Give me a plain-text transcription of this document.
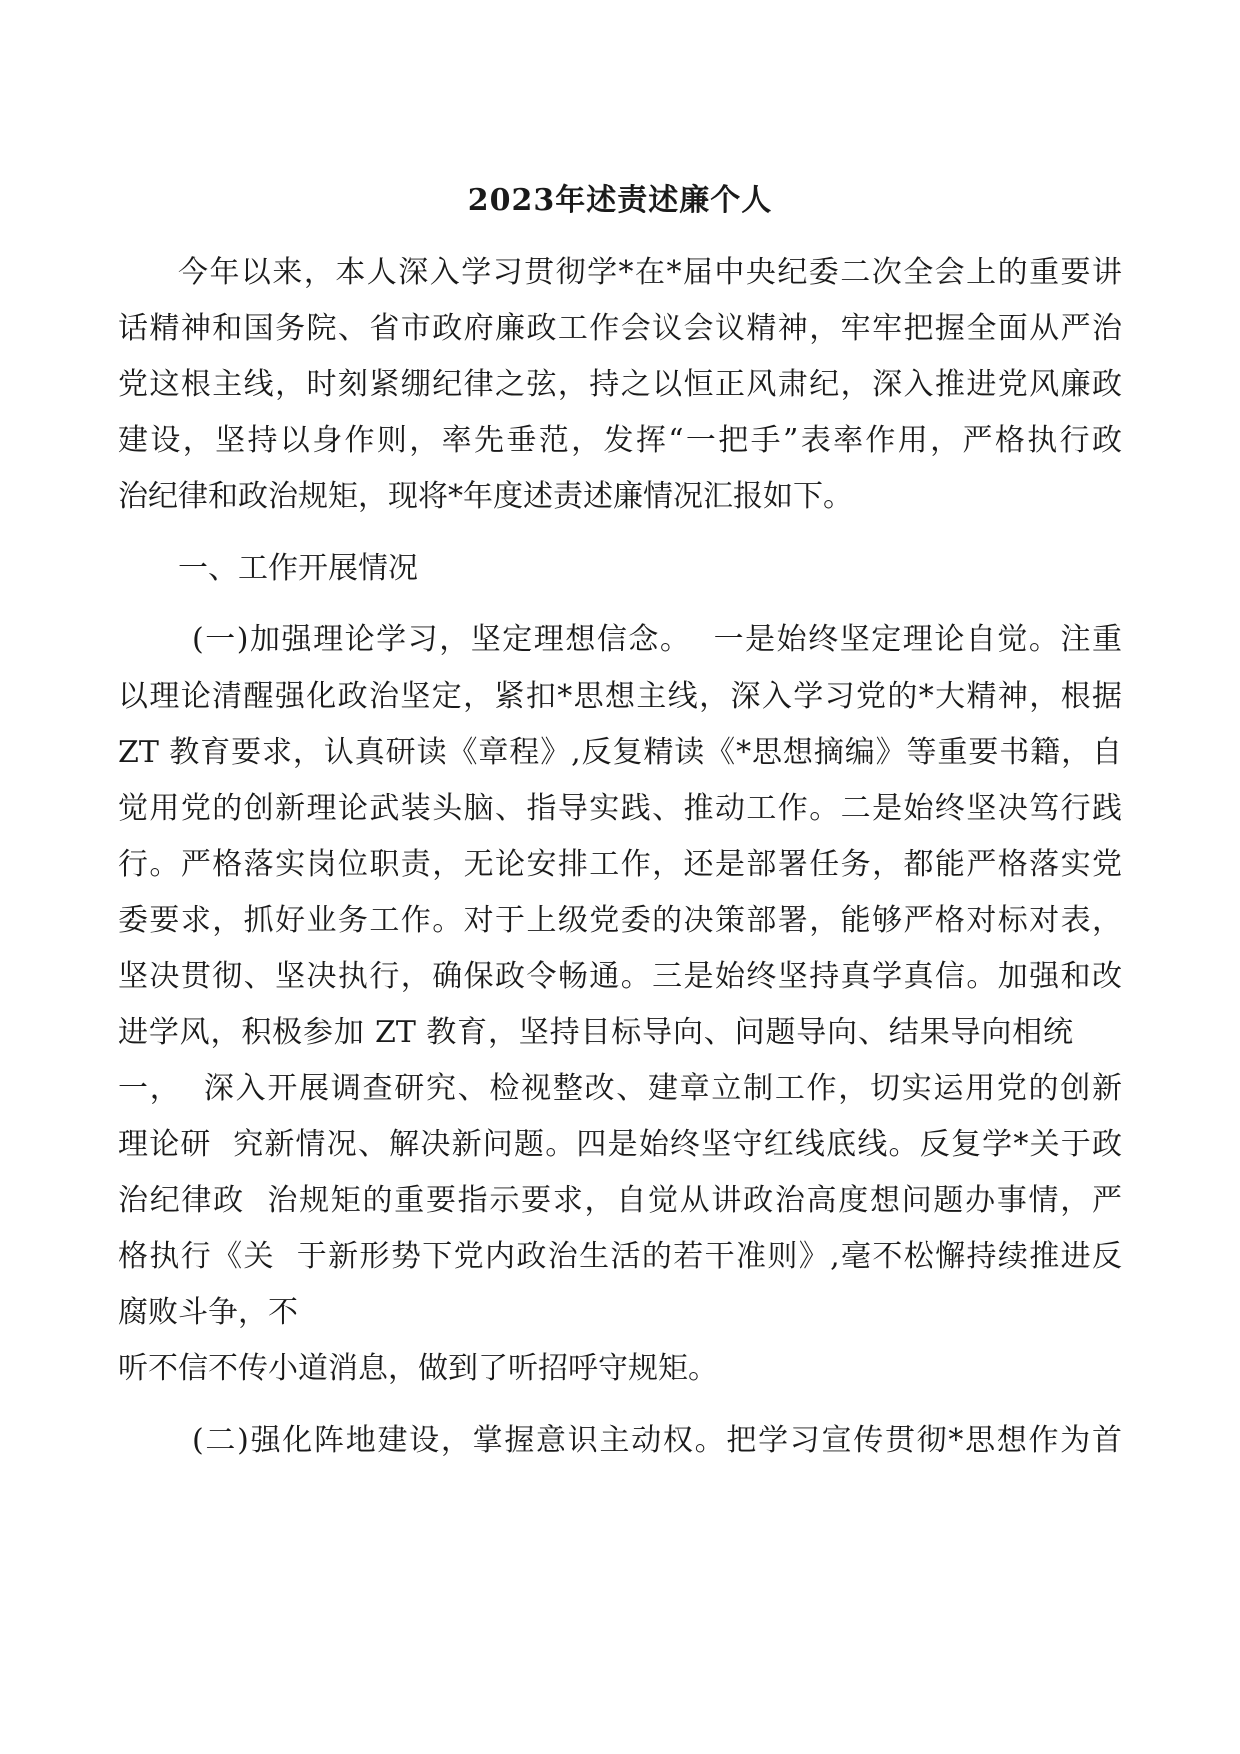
2023年述责述廉个人
今年以来，本人深入学习贯彻学*在*届中央纪委二次全会上的重要讲
话精神和国务院、省市政府廉政工作会议会议精神，牢牢把握全面从严治
党这根主线，时刻紧绷纪律之弦，持之以恒正风肃纪，深入推进党风廉政
建设，坚持以身作则，率先垂范，发挥“一把手”表率作用，严格执行政
治纪律和政治规矩，现将*年度述责述廉情况汇报如下。
一、工作开展情况
(一)加强理论学习，坚定理想信念。  一是始终坚定理论自觉。注重
以理论清醒强化政治坚定，紧扣*思想主线，深入学习党的*大精神，根据
ZT 教育要求，认真研读《章程》,反复精读《*思想摘编》等重要书籍，自
觉用党的创新理论武装头脑、指导实践、推动工作。二是始终坚决笃行践
行。严格落实岗位职责，无论安排工作，还是部署任务，都能严格落实党
委要求，抓好业务工作。对于上级党委的决策部署，能够严格对标对表，
坚决贯彻、坚决执行，确保政令畅通。三是始终坚持真学真信。加强和改
进学风，积极参加 ZT 教育，坚持目标导向、问题导向、结果导向相统
一，  深入开展调查研究、检视整改、建章立制工作，切实运用党的创新
理论研  究新情况、解决新问题。四是始终坚守红线底线。反复学*关于政
治纪律政  治规矩的重要指示要求，自觉从讲政治高度想问题办事情，严
格执行《关  于新形势下党内政治生活的若干准则》,毫不松懈持续推进反
腐败斗争，不
听不信不传小道消息，做到了听招呼守规矩。
(二)强化阵地建设，掌握意识主动权。把学习宣传贯彻*思想作为首
